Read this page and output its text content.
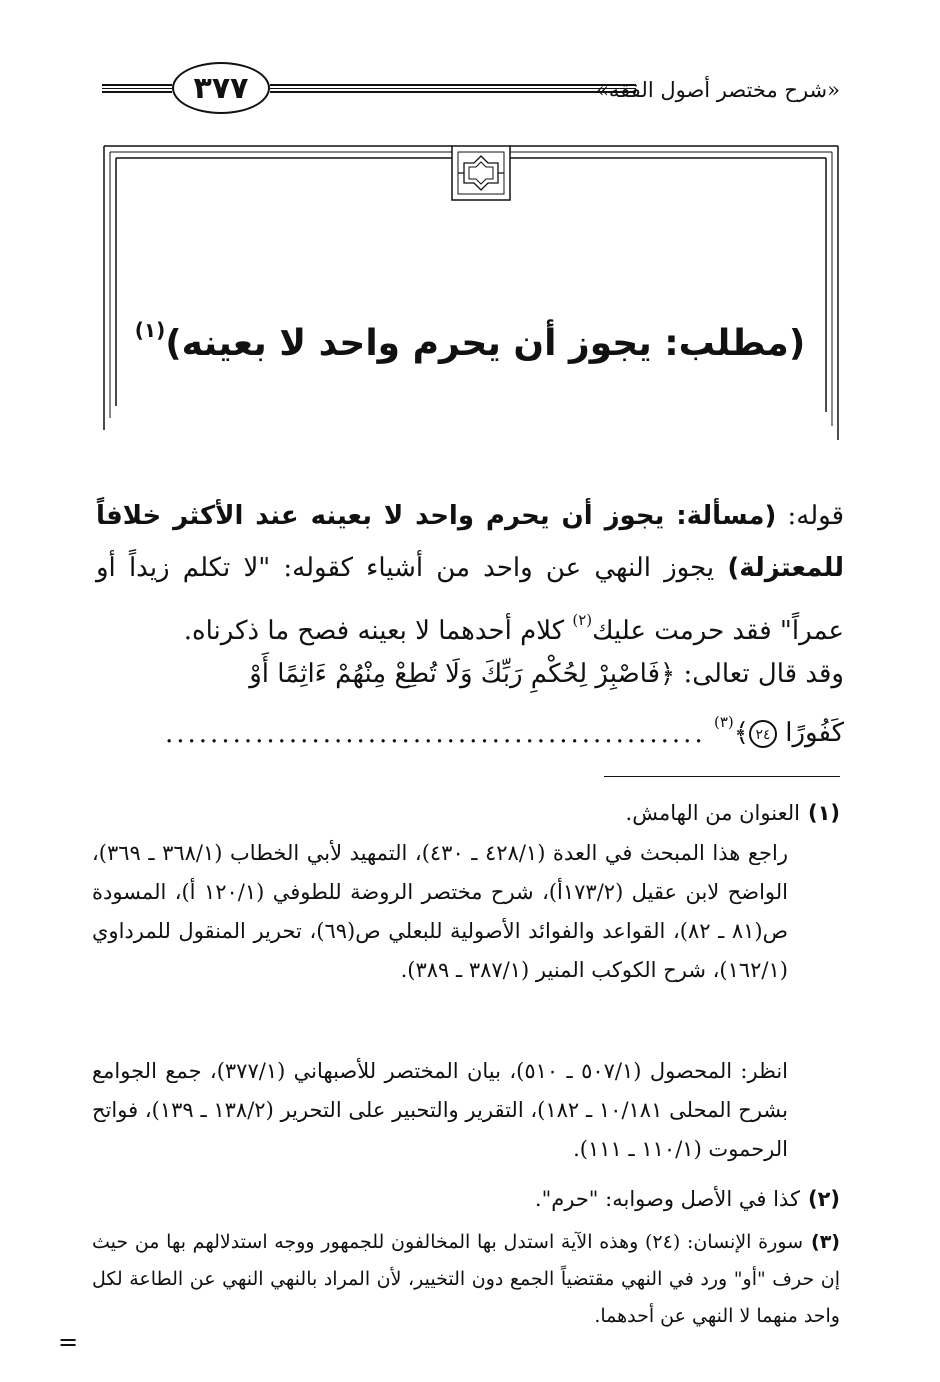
٣٧٧	«شرح مختصر أصول الفقه»
(مطلب: يجوز أن يحرم واحد لا بعينه)$^{(١)}$
قوله: (مسألة: يجوز أن يحرم واحد لا بعينه عند الأكثر خلافاً للمعتزلة) يجوز النهي عن واحد من أشياء كقوله: "لا تكلم زيداً أو عمراً" فقد حرمت عليك$^{(٢)}$ كلام أحدهما لا بعينه فصح ما ذكرناه.
وقد قال تعالى: ﴿فَاصْبِرْ لِحُكْمِ رَبِّكَ وَلَا تُطِعْ مِنْهُمْ ءَاثِمًا أَوْ
كَفُورًا ٢٤﴾$^{(٣)}$ ................................................
(١)العنوان من الهامش.
راجع هذا المبحث في العدة (٤٢٨/١ ـ ٤٣٠)، التمهيد لأبي الخطاب (٣٦٨/١ ـ ٣٦٩)، الواضح لابن عقيل (١٧٣/٢أ)، شرح مختصر الروضة للطوفي (١٢٠/١ أ)، المسودة ص(٨١ ـ ٨٢)، القواعد والفوائد الأصولية للبعلي ص(٦٩)، تحرير المنقول للمرداوي (١٦٢/١)، شرح الكوكب المنير (٣٨٧/١ ـ ٣٨٩).
انظر: المحصول (٥٠٧/١ ـ ٥١٠)، بيان المختصر للأصبهاني (٣٧٧/١)، جمع الجوامع بشرح المحلى ١٠/١٨١ ـ ١٨٢)، التقرير والتحبير على التحرير (١٣٨/٢ ـ ١٣٩)، فواتح الرحموت (١١٠/١ ـ ١١١).
(٢)كذا في الأصل وصوابه: "حرم".
(٣)سورة الإنسان: (٢٤) وهذه الآية استدل بها المخالفون للجمهور ووجه استدلالهم بها من حيث إن حرف "أو" ورد في النهي مقتضياً الجمع دون التخيير، لأن المراد بالنهي النهي عن الطاعة لكل واحد منهما لا النهي عن أحدهما.
=
